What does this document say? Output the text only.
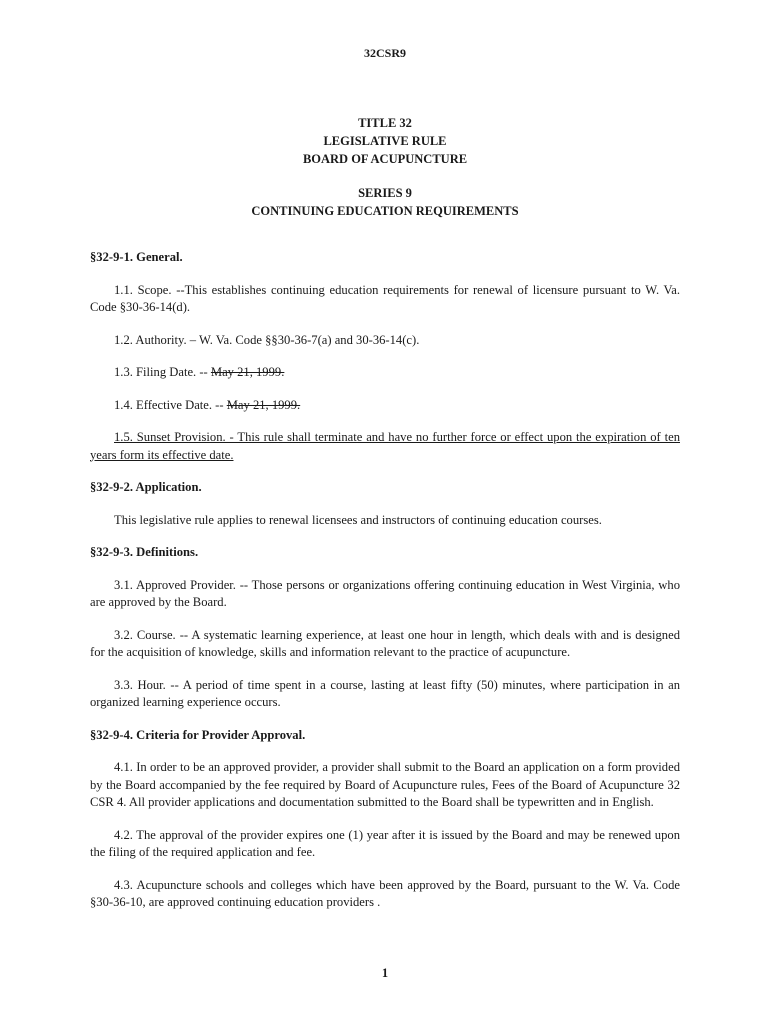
32CSR9
TITLE 32
LEGISLATIVE RULE
BOARD OF ACUPUNCTURE
SERIES 9
CONTINUING EDUCATION REQUIREMENTS
§32-9-1. General.

1.1. Scope. --This establishes continuing education requirements for renewal of licensure pursuant to W. Va. Code §30-36-14(d).

1.2. Authority. – W. Va. Code §§30-36-7(a) and 30-36-14(c).

1.3. Filing Date. -- May 21, 1999.

1.4. Effective Date. -- May 21, 1999.

1.5. Sunset Provision. - This rule shall terminate and have no further force or effect upon the expiration of ten years form its effective date.

§32-9-2. Application.

This legislative rule applies to renewal licensees and instructors of continuing education courses.

§32-9-3. Definitions.

3.1. Approved Provider. -- Those persons or organizations offering continuing education in West Virginia, who are approved by the Board.

3.2. Course. -- A systematic learning experience, at least one hour in length, which deals with and is designed for the acquisition of knowledge, skills and information relevant to the practice of acupuncture.

3.3. Hour. -- A period of time spent in a course, lasting at least fifty (50) minutes, where participation in an organized learning experience occurs.

§32-9-4. Criteria for Provider Approval.

4.1. In order to be an approved provider, a provider shall submit to the Board an application on a form provided by the Board accompanied by the fee required by Board of Acupuncture rules, Fees of the Board of Acupuncture 32 CSR 4. All provider applications and documentation submitted to the Board shall be typewritten and in English.

4.2. The approval of the provider expires one (1) year after it is issued by the Board and may be renewed upon the filing of the required application and fee.

4.3. Acupuncture schools and colleges which have been approved by the Board, pursuant to the W. Va. Code §30-36-10, are approved continuing education providers .

1
